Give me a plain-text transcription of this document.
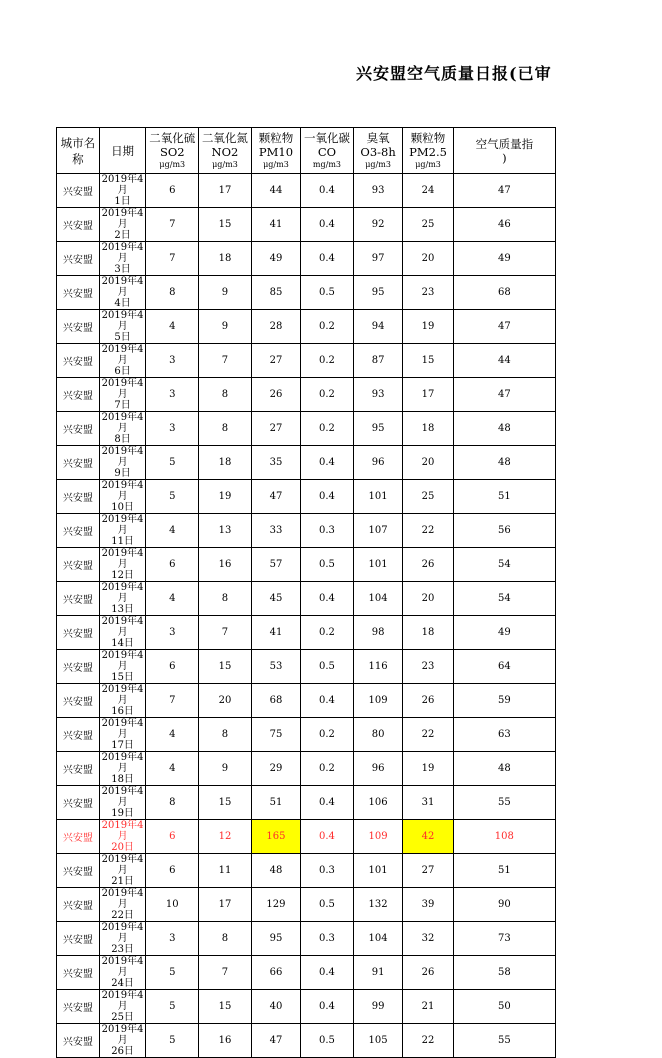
兴安盟空气质量日报(已审
城市名称	日期	二氧化硫
SO2
μg/m3	二氧化氮
NO2
μg/m3	颗粒物
PM10
μg/m3	一氧化碳
CO
mg/m3	臭氧
O3-8h
μg/m3	颗粒物
PM2.5
μg/m3	空气质量指
)

兴安盟	2019年4月
1日	6	17	44	0.4	93	24	47
兴安盟	2019年4月
2日	7	15	41	0.4	92	25	46
兴安盟	2019年4月
3日	7	18	49	0.4	97	20	49
兴安盟	2019年4月
4日	8	9	85	0.5	95	23	68
兴安盟	2019年4月
5日	4	9	28	0.2	94	19	47
兴安盟	2019年4月
6日	3	7	27	0.2	87	15	44
兴安盟	2019年4月
7日	3	8	26	0.2	93	17	47
兴安盟	2019年4月
8日	3	8	27	0.2	95	18	48
兴安盟	2019年4月
9日	5	18	35	0.4	96	20	48
兴安盟	2019年4月
10日	5	19	47	0.4	101	25	51
兴安盟	2019年4月
11日	4	13	33	0.3	107	22	56
兴安盟	2019年4月
12日	6	16	57	0.5	101	26	54
兴安盟	2019年4月
13日	4	8	45	0.4	104	20	54
兴安盟	2019年4月
14日	3	7	41	0.2	98	18	49
兴安盟	2019年4月
15日	6	15	53	0.5	116	23	64
兴安盟	2019年4月
16日	7	20	68	0.4	109	26	59
兴安盟	2019年4月
17日	4	8	75	0.2	80	22	63
兴安盟	2019年4月
18日	4	9	29	0.2	96	19	48
兴安盟	2019年4月
19日	8	15	51	0.4	106	31	55
兴安盟	2019年4月
20日	6	12	165	0.4	109	42	108
兴安盟	2019年4月
21日	6	11	48	0.3	101	27	51
兴安盟	2019年4月
22日	10	17	129	0.5	132	39	90
兴安盟	2019年4月
23日	3	8	95	0.3	104	32	73
兴安盟	2019年4月
24日	5	7	66	0.4	91	26	58
兴安盟	2019年4月
25日	5	15	40	0.4	99	21	50
兴安盟	2019年4月
26日	5	16	47	0.5	105	22	55
